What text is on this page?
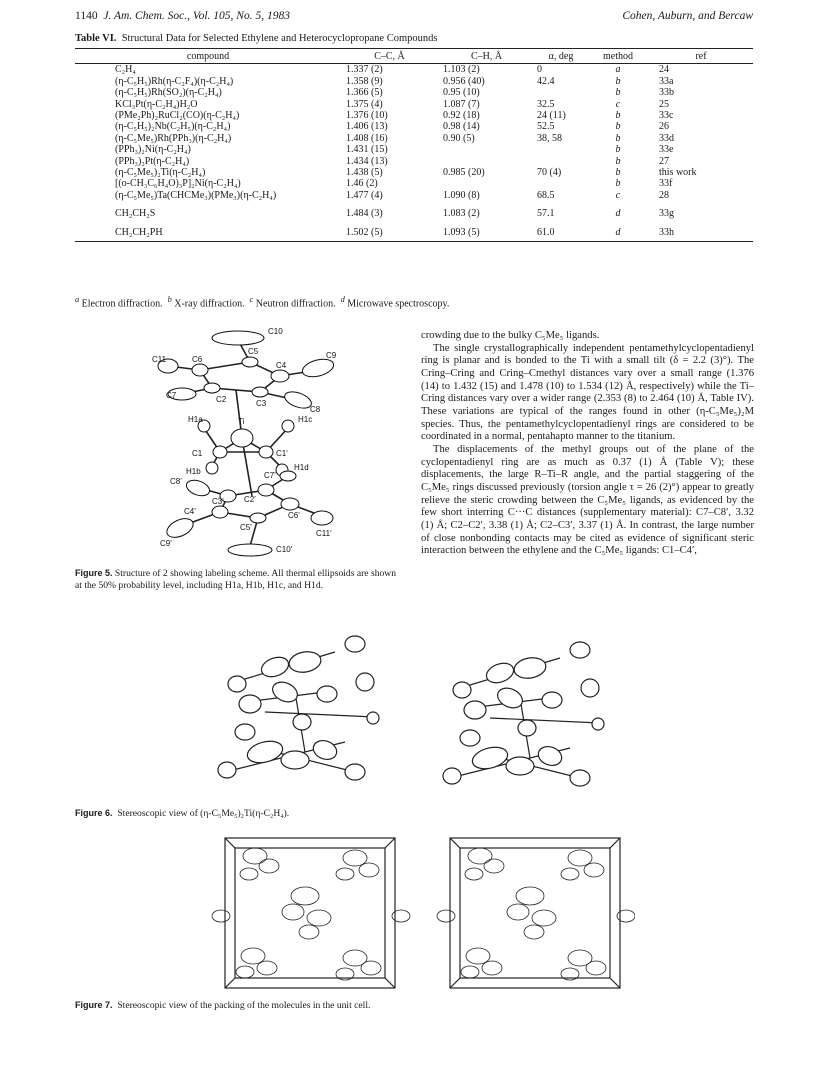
1140 J. Am. Chem. Soc., Vol. 105, No. 5, 1983	Cohen, Auburn, and Bercaw
Table VI. Structural Data for Selected Ethylene and Heterocyclopropane Compounds
compound	C–C, Å	C–H, Å	α, deg	method	ref
C₂H₄	1.337 (2)	1.103 (2)	0	a	24
(η-C₅H₅)Rh(η-C₂F₄)(η-C₂H₄)	1.358 (9)	0.956 (40)	42.4	b	33a
(η-C₅H₅)Rh(SO₂)(η-C₂H₄)	1.366 (5)	0.95 (10)		b	33b
KCl₃Pt(η-C₂H₄)H₂O	1.375 (4)	1.087 (7)	32.5	c	25
(PMe₂Ph)₂RuCl₂(CO)(η-C₂H₄)	1.376 (10)	0.92 (18)	24 (11)	b	33c
(η-C₅H₅)₂Nb(C₂H₅)(η-C₂H₄)	1.406 (13)	0.98 (14)	52.5	b	26
(η-C₅Me₅)Rh(PPh₃)(η-C₂H₄)	1.408 (16)	0.90 (5)	38, 58	b	33d
(PPh₃)₂Ni(η-C₂H₄)	1.431 (15)			b	33e
(PPh₃)₂Pt(η-C₂H₄)	1.434 (13)			b	27
(η-C₅Me₅)₂Ti(η-C₂H₄)	1.438 (5)	0.985 (20)	70 (4)	b	this work
[(o-CH₃C₆H₄O)₃P]₂Ni(η-C₂H₄)	1.46 (2)			b	33f
(η-C₅Me₅)Ta(CHCMe₃)(PMe₃)(η-C₂H₄)	1.477 (4)	1.090 (8)	68.5	c	28
CH₂CH₂S	1.484 (3)	1.083 (2)	57.1	d	33g
CH₂CH₂PH	1.502 (5)	1.093 (5)	61.0	d	33h
$^a$ Electron diffraction.  $^b$ X-ray diffraction.  $^c$ Neutron diffraction.  $^d$ Microwave spectroscopy.
C10
C11	C6
C5
C4
C9
C7	C2	C3
C8
H1a	H1c
Ti
C1	C1'
C8'
H1b	C7'
H1d
C3'	C2'
C4'	C6'
C5'
C11'
C9'
C10'
Figure 5. Structure of 2 showing labeling scheme. All thermal ellipsoids are shown at the 50% probability level, including H1a, H1b, H1c, and H1d.

crowding due to the bulky C₅Me₅ ligands.

The single crystallographically independent pentamethylcyclopentadienyl ring is planar and is bonded to the Ti with a small tilt (δ = 2.2 (3)°). The Cring–Cring and Cring–Cmethyl distances vary over a small range (1.376 (14) to 1.432 (15) and 1.478 (10) to 1.534 (12) Å, respectively) while the Ti–Cring distances vary over a wider range (2.353 (8) to 2.464 (10) Å, Table IV). These variations are typical of the ranges found in other (η-C₅Me₅)₂M species. Thus, the pentamethylcyclopentadienyl rings are considered to be coordinated in a normal, pentahapto manner to the titanium.

The displacements of the methyl groups out of the plane of the cyclopentadienyl ring are as much as 0.37 (1) Å (Table V); these displacements, the large R–Ti–R angle, and the partial staggering of the C₅Me₅ rings discussed previously (torsion angle τ = 26 (2)°) appear to greatly relieve the steric crowding between the C₅Me₅ ligands, as evidenced by the few short interring C···C distances (supplementary material): C7–C8′, 3.32 (1) Å; C2–C2′, 3.38 (1) Å; C2–C3′, 3.37 (1) Å. In contrast, the large number of close nonbonding contacts may be cited as evidence of significant steric interaction between the ethylene and the C₅Me₅ ligands: C1–C4′,

Figure 6. Stereoscopic view of (η-C₅Me₅)₂Ti(η-C₂H₄).
Figure 7. Stereoscopic view of the packing of the molecules in the unit cell.
